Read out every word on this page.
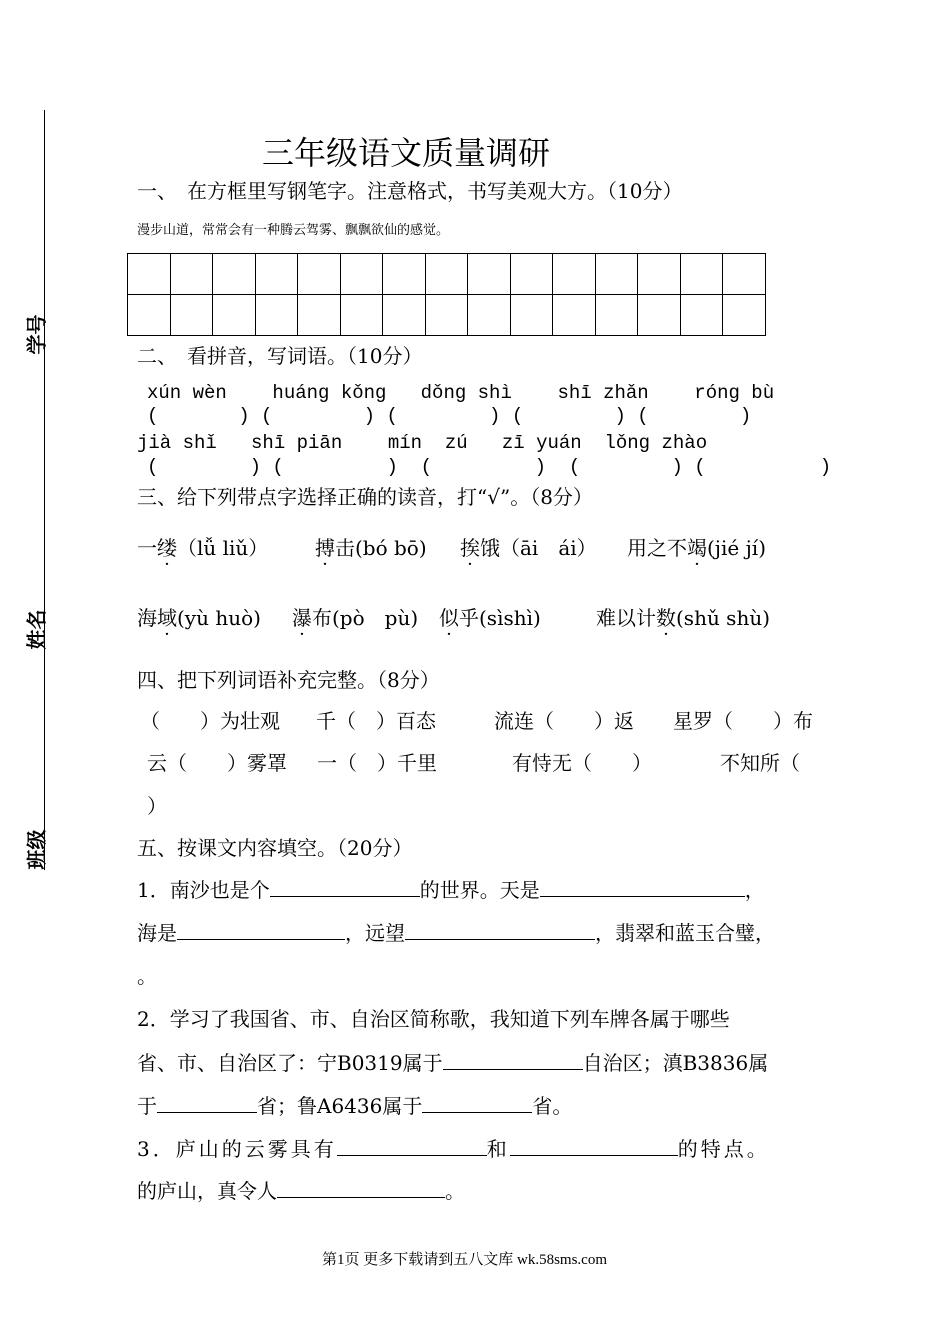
学号
姓名
班级
三年级语文质量调研
一、　在方框里写钢笔字。注意格式，书写美观大方。（10分）
漫步山道，常常会有一种腾云驾雾、飘飘欲仙的感觉。

二、　看拼音，写词语。（10分）
xún wèn    huáng kǒng   dǒng shì    shī zhǎn    róng bù
(       ) (        ) (        ) (        ) (        )
jià shǐ   shī piān    mín  zú   zī yuán  lǒng zhào
(        ) (         )  (         )  (        ) (          )
三、给下列带点字选择正确的读音，打“√”。（8分）
一缕（lǚ liǔ） 搏击(bó bō) 挨饿（āi　ái） 用之不竭(jié jí)
海域(yù huò) 瀑布(pò　pù) 似乎(sìshì)	难以计数(shǔ shù)
四、把下列词语补充完整。（8分）
（　　）为壮观 千（　）百态	流连（　　）返 星罗（　　）布
云（　　）雾罩 一（　）千里	有恃无（　　）	不知所（
）
五、按课文内容填空。（20分）
1．南沙也是个	的世界。天是	，
海是	，远望	，翡翠和蓝玉合璧，
。
2．学习了我国省、市、自治区简称歌，我知道下列车牌各属于哪些
省、市、自治区了：宁B0319属于	自治区；滇B3836属
于	省；鲁A6436属于	省。
3．庐山的云雾具有	和	的特点。
的庐山，真令人	。
第1页 更多下载请到五八文库 wk.58sms.com
